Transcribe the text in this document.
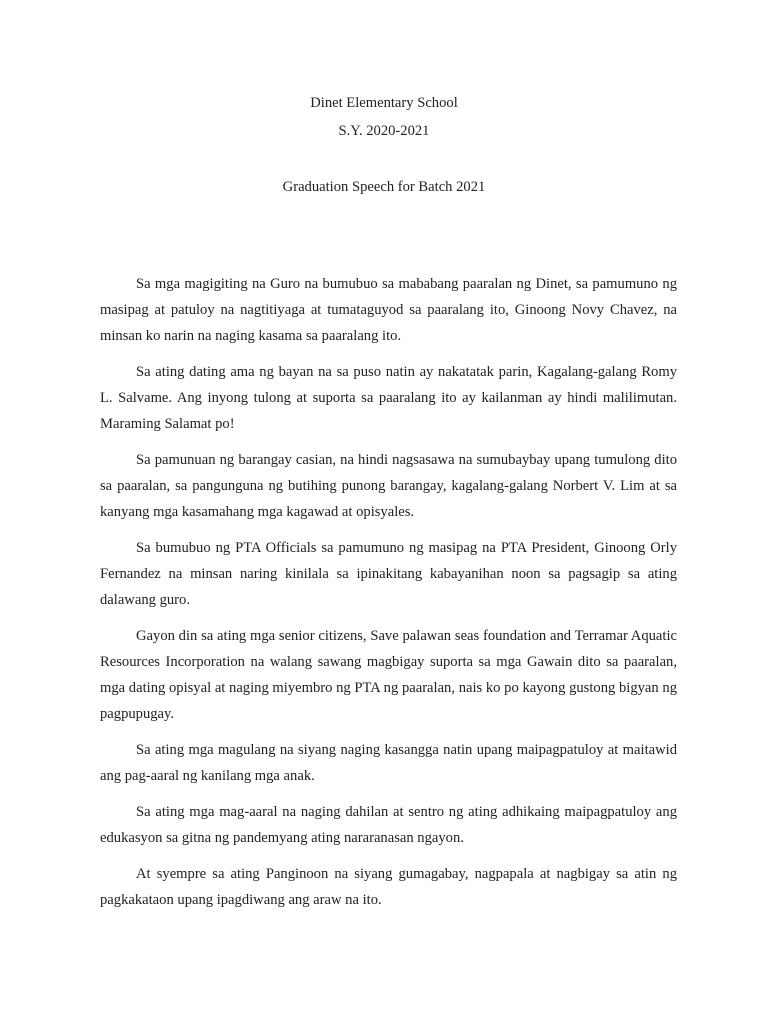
Dinet Elementary School

S.Y. 2020-2021

Graduation Speech for Batch 2021

Sa mga magigiting na Guro na bumubuo sa mababang paaralan ng Dinet, sa pamumuno ng masipag at patuloy na nagtitiyaga at tumataguyod sa paaralang ito, Ginoong Novy Chavez, na minsan ko narin na naging kasama sa paaralang ito.

Sa ating dating ama ng bayan na sa puso natin ay nakatatak parin, Kagalang-galang Romy L. Salvame. Ang inyong tulong at suporta sa paaralang ito ay kailanman ay hindi malilimutan. Maraming Salamat po!

Sa pamunuan ng barangay casian, na hindi nagsasawa na sumubaybay upang tumulong dito sa paaralan, sa pangunguna ng butihing punong barangay, kagalang-galang Norbert V. Lim at sa kanyang mga kasamahang mga kagawad at opisyales.

Sa bumubuo ng PTA Officials sa pamumuno ng masipag na PTA President, Ginoong Orly Fernandez na minsan naring kinilala sa ipinakitang kabayanihan noon sa pagsagip sa ating dalawang guro.

Gayon din sa ating mga senior citizens, Save palawan seas foundation and Terramar Aquatic Resources Incorporation na walang sawang magbigay suporta sa mga Gawain dito sa paaralan, mga dating opisyal at naging miyembro ng PTA ng paaralan, nais ko po kayong gustong bigyan ng pagpupugay.

Sa ating mga magulang na siyang naging kasangga natin upang maipagpatuloy at maitawid ang pag-aaral ng kanilang mga anak.

Sa ating mga mag-aaral na naging dahilan at sentro ng ating adhikaing maipagpatuloy ang edukasyon sa gitna ng pandemyang ating nararanasan ngayon.

At syempre sa ating Panginoon na siyang gumagabay, nagpapala at nagbigay sa atin ng pagkakataon upang ipagdiwang ang araw na ito.
